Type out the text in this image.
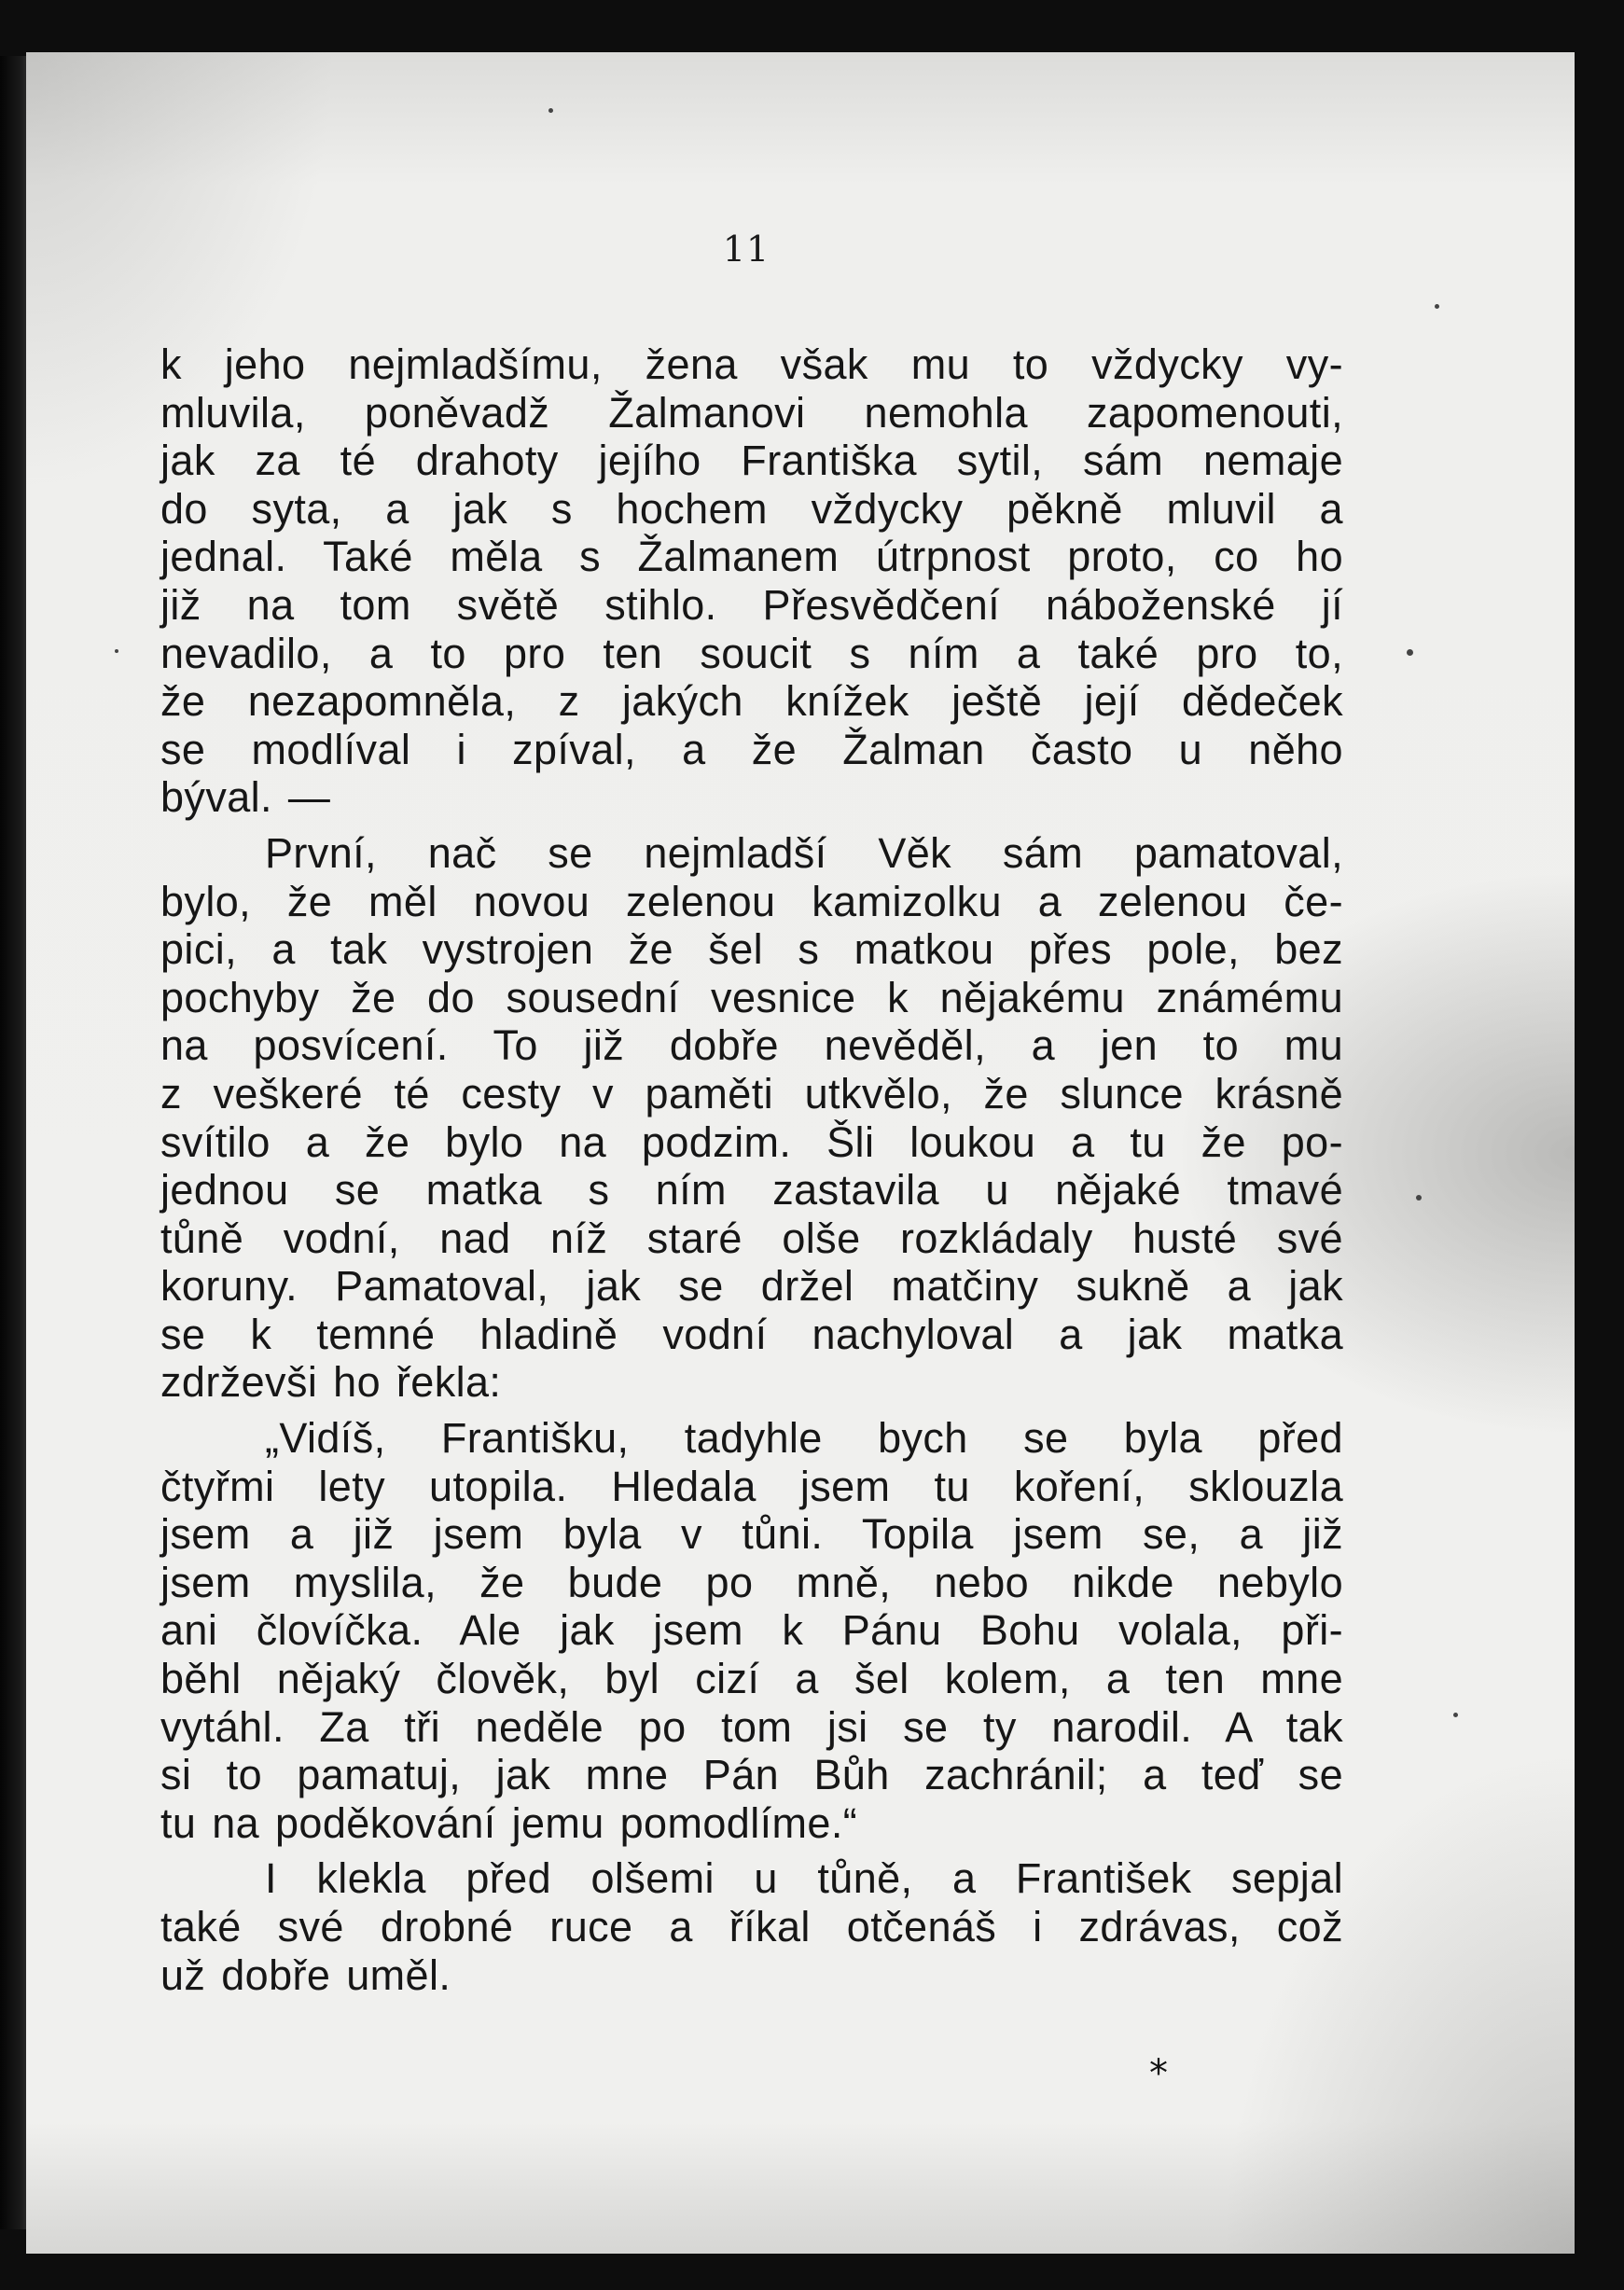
11
k jeho nejmladšímu, žena však mu to vždycky vy-
mluvila, poněvadž Žalmanovi nemohla zapomenouti,
jak za té drahoty jejího Františka sytil, sám nemaje
do syta, a jak s hochem vždycky pěkně mluvil a
jednal. Také měla s Žalmanem útrpnost proto, co ho
již na tom světě stihlo. Přesvědčení náboženské jí
nevadilo, a to pro ten soucit s ním a také pro to,
že nezapomněla, z jakých knížek ještě její dědeček
se modlíval i zpíval, a že Žalman často u něho
býval. —
První, nač se nejmladší Věk sám pamatoval,
bylo, že měl novou zelenou kamizolku a zelenou če-
pici, a tak vystrojen že šel s matkou přes pole, bez
pochyby že do sousední vesnice k nějakému známému
na posvícení. To již dobře nevěděl, a jen to mu
z veškeré té cesty v paměti utkvělo, že slunce krásně
svítilo a že bylo na podzim. Šli loukou a tu že po-
jednou se matka s ním zastavila u nějaké tmavé
tůně vodní, nad níž staré olše rozkládaly husté své
koruny. Pamatoval, jak se držel matčiny sukně a jak
se k temné hladině vodní nachyloval a jak matka
zdrževši ho řekla:
„Vidíš, Františku, tadyhle bych se byla před
čtyřmi lety utopila. Hledala jsem tu koření, sklouzla
jsem a již jsem byla v tůni. Topila jsem se, a již
jsem myslila, že bude po mně, nebo nikde nebylo
ani človíčka. Ale jak jsem k Pánu Bohu volala, při-
běhl nějaký člověk, byl cizí a šel kolem, a ten mne
vytáhl. Za tři neděle po tom jsi se ty narodil. A tak
si to pamatuj, jak mne Pán Bůh zachránil; a teď se
tu na poděkování jemu pomodlíme.“
I klekla před olšemi u tůně, a František sepjal
také své drobné ruce a říkal otčenáš i zdrávas, což
už dobře uměl.
*
